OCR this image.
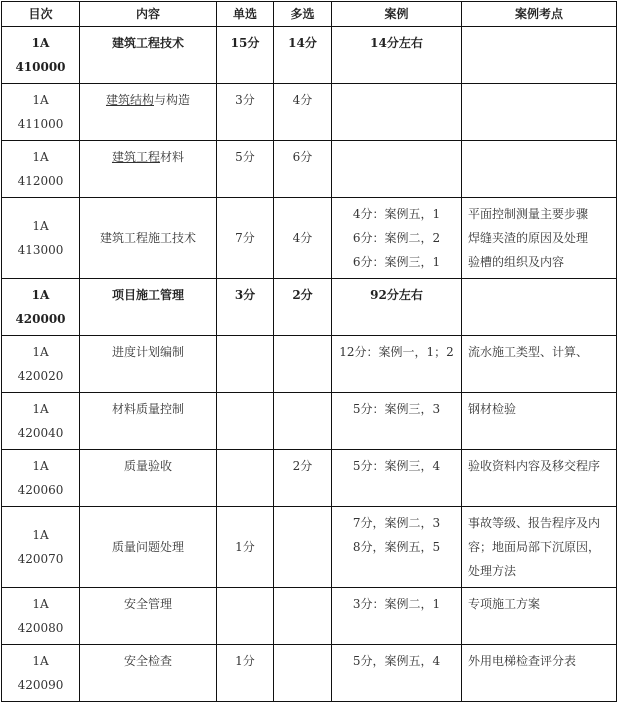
目次	内容	单选	多选	案例	案例考点

1A
410000	建筑工程技术	15分	14分	14分左右	

1A
411000	建筑结构与构造	3分	4分		

1A
412000	建筑工程材料	5分	6分		

1A
413000	建筑工程施工技术	7分	4分	4分：案例五，1
6分：案例二，2
6分：案例三，1	平面控制测量主要步骤
焊缝夹渣的原因及处理
验槽的组织及内容

1A
420000	项目施工管理	3分	2分	92分左右	

1A
420020	进度计划编制			12分：案例一，1；2	流水施工类型、计算、

1A
420040	材料质量控制			5分：案例三，3	钢材检验

1A
420060	质量验收		2分	5分：案例三，4	验收资料内容及移交程序

1A
420070	质量问题处理	1分		7分，案例二，3
8分，案例五，5	事故等级、报告程序及内
容；地面局部下沉原因，
处理方法

1A
420080	安全管理			3分：案例二，1	专项施工方案

1A
420090	安全检查	1分		5分，案例五，4	外用电梯检查评分表
